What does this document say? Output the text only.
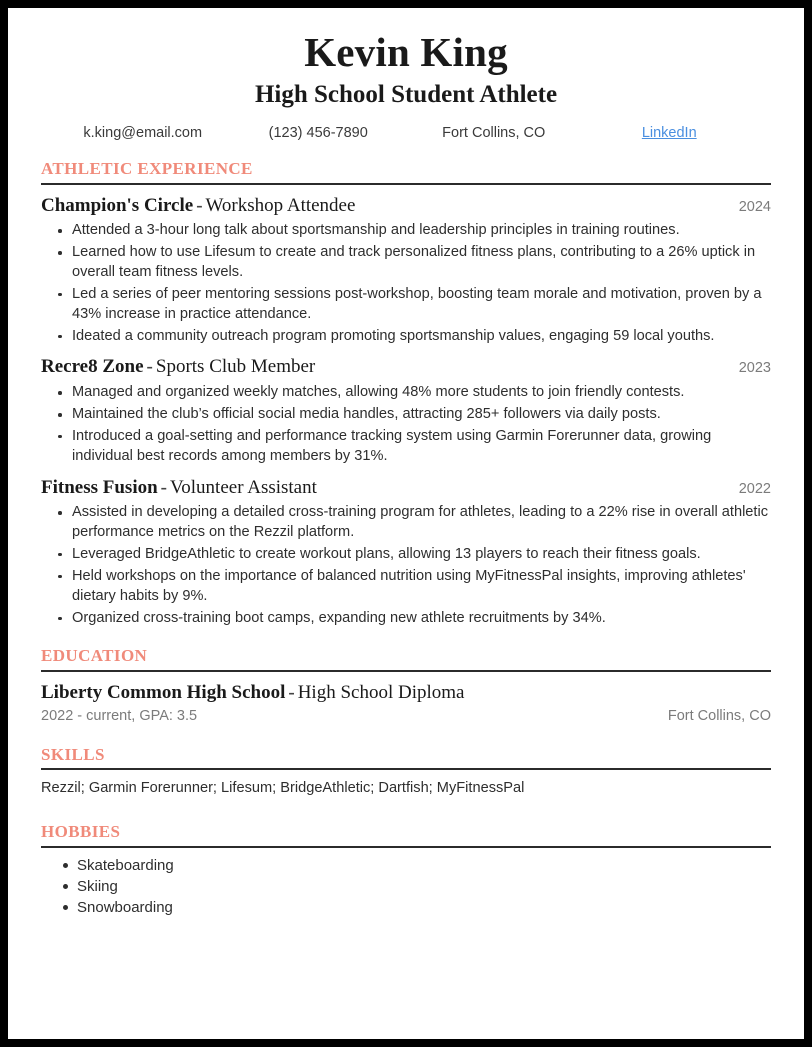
Kevin King
High School Student Athlete
k.king@email.com	(123) 456-7890	Fort Collins, CO	LinkedIn
ATHLETIC EXPERIENCE
Champion's Circle - Workshop Attendee	2024
Attended a 3-hour long talk about sportsmanship and leadership principles in training routines.
Learned how to use Lifesum to create and track personalized fitness plans, contributing to a 26% uptick in overall team fitness levels.
Led a series of peer mentoring sessions post-workshop, boosting team morale and motivation, proven by a 43% increase in practice attendance.
Ideated a community outreach program promoting sportsmanship values, engaging 59 local youths.
Recre8 Zone - Sports Club Member	2023
Managed and organized weekly matches, allowing 48% more students to join friendly contests.
Maintained the club’s official social media handles, attracting 285+ followers via daily posts.
Introduced a goal-setting and performance tracking system using Garmin Forerunner data, growing individual best records among members by 31%.
Fitness Fusion - Volunteer Assistant	2022
Assisted in developing a detailed cross-training program for athletes, leading to a 22% rise in overall athletic performance metrics on the Rezzil platform.
Leveraged BridgeAthletic to create workout plans, allowing 13 players to reach their fitness goals.
Held workshops on the importance of balanced nutrition using MyFitnessPal insights, improving athletes' dietary habits by 9%.
Organized cross-training boot camps, expanding new athlete recruitments by 34%.
EDUCATION
Liberty Common High School - High School Diploma
2022 - current, GPA: 3.5	Fort Collins, CO
SKILLS
Rezzil; Garmin Forerunner; Lifesum; BridgeAthletic; Dartfish; MyFitnessPal
HOBBIES
Skateboarding
Skiing
Snowboarding
